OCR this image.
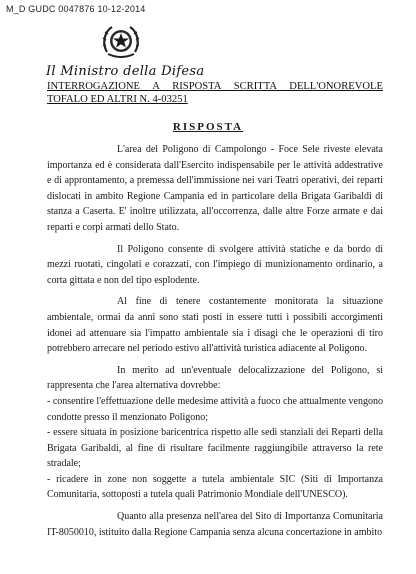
M_D GUDC 0047876 10-12-2014
Il Ministro della Difesa
INTERROGAZIONE A RISPOSTA SCRITTA DELL'ONOREVOLE TOFALO ED ALTRI N. 4-03251
RISPOSTA

L'area del Poligono di Campolongo - Foce Sele riveste elevata importanza ed è considerata dall'Esercito indispensabile per le attività addestrative e di approntamento, a premessa dell'immissione nei vari Teatri operativi, dei reparti dislocati in ambito Regione Campania ed in particolare della Brigata Garibaldi di stanza a Caserta. E' inoltre utilizzata, all'occorrenza, dalle altre Forze armate e dai reparti e corpi armati dello Stato.

Il Poligono consente di svolgere attività statiche e da bordo di mezzi ruotati, cingolati e corazzati, con l'impiego di munizionamento ordinario, a corta gittata e non del tipo esplodente.

Al fine di tenere costantemente monitorata la situazione ambientale, ormai da anni sono stati posti in essere tutti i possibili accorgimenti idonei ad attenuare sia l'impatto ambientale sia i disagi che le operazioni di tiro potrebbero arrecare nel periodo estivo all'attività turistica adiacente al Poligono.

In merito ad un'eventuale delocalizzazione del Poligono, si rappresenta che l'area alternativa dovrebbe:

- consentire l'effettuazione delle medesime attività a fuoco che attualmente vengono condotte presso il menzionato Poligono;

- essere situata in posizione baricentrica rispetto alle sedi stanziali dei Reparti della Brigata Garibaldi, al fine di risultare facilmente raggiungibile attraverso la rete stradale;

- ricadere in zone non soggette a tutela ambientale SIC (Siti di Importanza Comunitaria, sottoposti a tutela quali Patrimonio Mondiale dell'UNESCO).

Quanto alla presenza nell'area del Sito di Importanza Comunitaria IT-8050010, istituito dalla Regione Campania senza alcuna concertazione in ambito
